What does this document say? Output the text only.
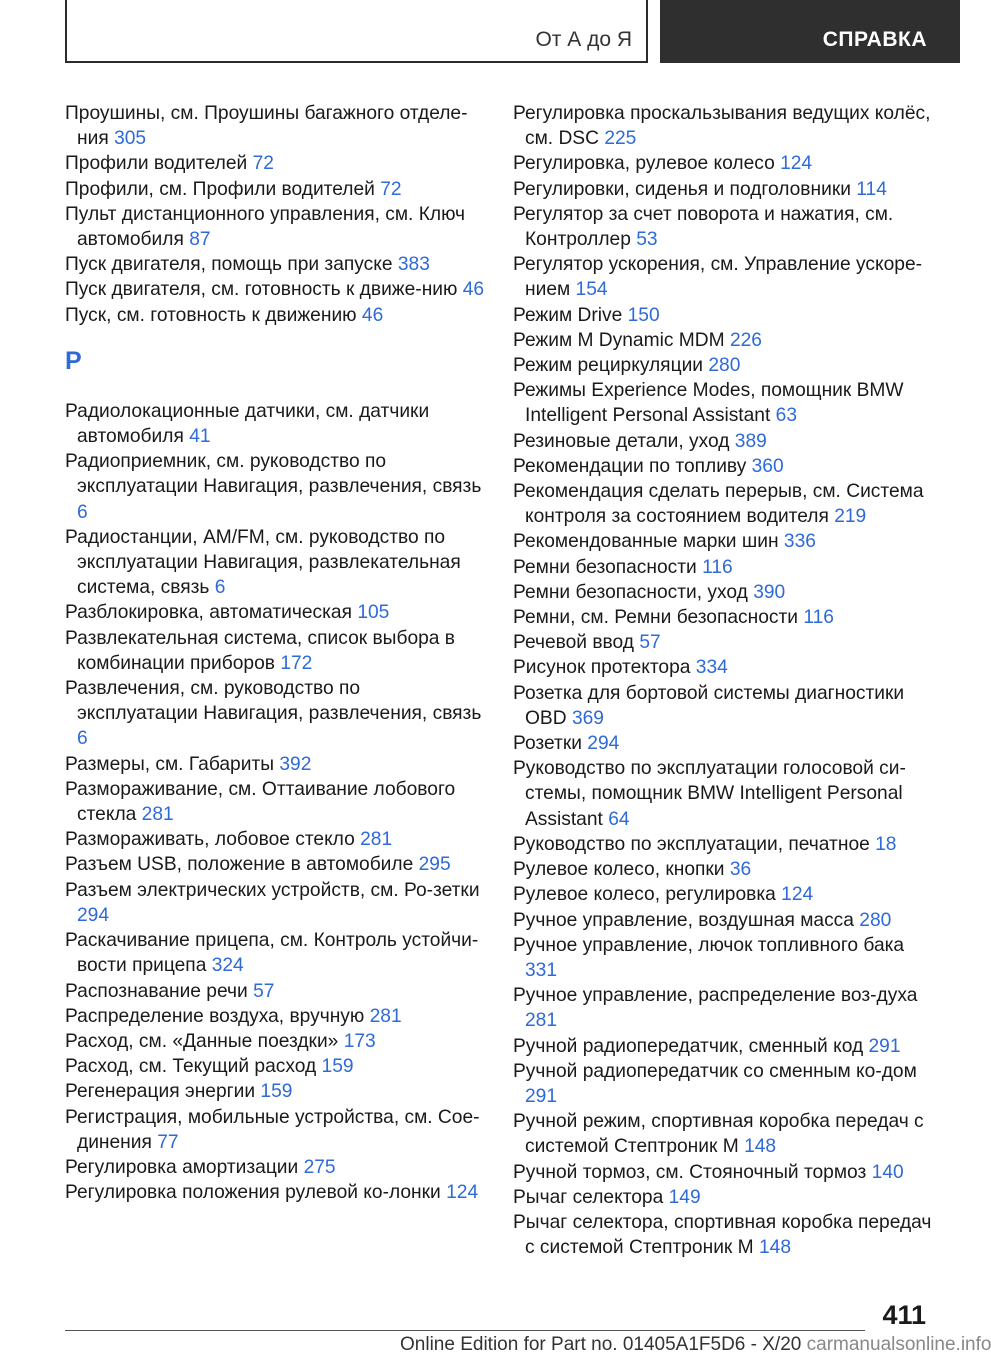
От А до Я	СПРАВКА
Проушины, см. Проушины багажного отделе-ния 305
Профили водителей 72
Профили, см. Профили водителей 72
Пульт дистанционного управления, см. Ключ автомобиля 87
Пуск двигателя, помощь при запуске 383
Пуск двигателя, см. готовность к движе-нию 46
Пуск, см. готовность к движению 46
Р
Радиолокационные датчики, см. датчики автомобиля 41
Радиоприемник, см. руководство по эксплуатации Навигация, развлечения, связь 6
Радиостанции, AM/FM, см. руководство по эксплуатации Навигация, развлекательная система, связь 6
Разблокировка, автоматическая 105
Развлекательная система, список выбора в комбинации приборов 172
Развлечения, см. руководство по эксплуатации Навигация, развлечения, связь 6
Размеры, см. Габариты 392
Размораживание, см. Оттаивание лобового стекла 281
Размораживать, лобовое стекло 281
Разъем USB, положение в автомобиле 295
Разъем электрических устройств, см. Ро-зетки 294
Раскачивание прицепа, см. Контроль устойчи-вости прицепа 324
Распознавание речи 57
Распределение воздуха, вручную 281
Расход, см. «Данные поездки» 173
Расход, см. Текущий расход 159
Регенерация энергии 159
Регистрация, мобильные устройства, см. Сое-динения 77
Регулировка амортизации 275
Регулировка положения рулевой ко-лонки 124
Регулировка проскальзывания ведущих колёс, см. DSC 225
Регулировка, рулевое колесо 124
Регулировки, сиденья и подголовники 114
Регулятор за счет поворота и нажатия, см. Контроллер 53
Регулятор ускорения, см. Управление ускоре-нием 154
Режим Drive 150
Режим M Dynamic MDM 226
Режим рециркуляции 280
Режимы Experience Modes, помощник BMW Intelligent Personal Assistant 63
Резиновые детали, уход 389
Рекомендации по топливу 360
Рекомендация сделать перерыв, см. Система контроля за состоянием водителя 219
Рекомендованные марки шин 336
Ремни безопасности 116
Ремни безопасности, уход 390
Ремни, см. Ремни безопасности 116
Речевой ввод 57
Рисунок протектора 334
Розетка для бортовой системы диагностики OBD 369
Розетки 294
Руководство по эксплуатации голосовой си-стемы, помощник BMW Intelligent Personal Assistant 64
Руководство по эксплуатации, печатное 18
Рулевое колесо, кнопки 36
Рулевое колесо, регулировка 124
Ручное управление, воздушная масса 280
Ручное управление, лючок топливного бака 331
Ручное управление, распределение воз-духа 281
Ручной радиопередатчик, сменный код 291
Ручной радиопередатчик со сменным ко-дом 291
Ручной режим, спортивная коробка передач с системой Стептроник М 148
Ручной тормоз, см. Стояночный тормоз 140
Рычаг селектора 149
Рычаг селектора, спортивная коробка передач с системой Стептроник М 148
411
Online Edition for Part no. 01405A1F5D6 - X/20 carmanualsonline.info
